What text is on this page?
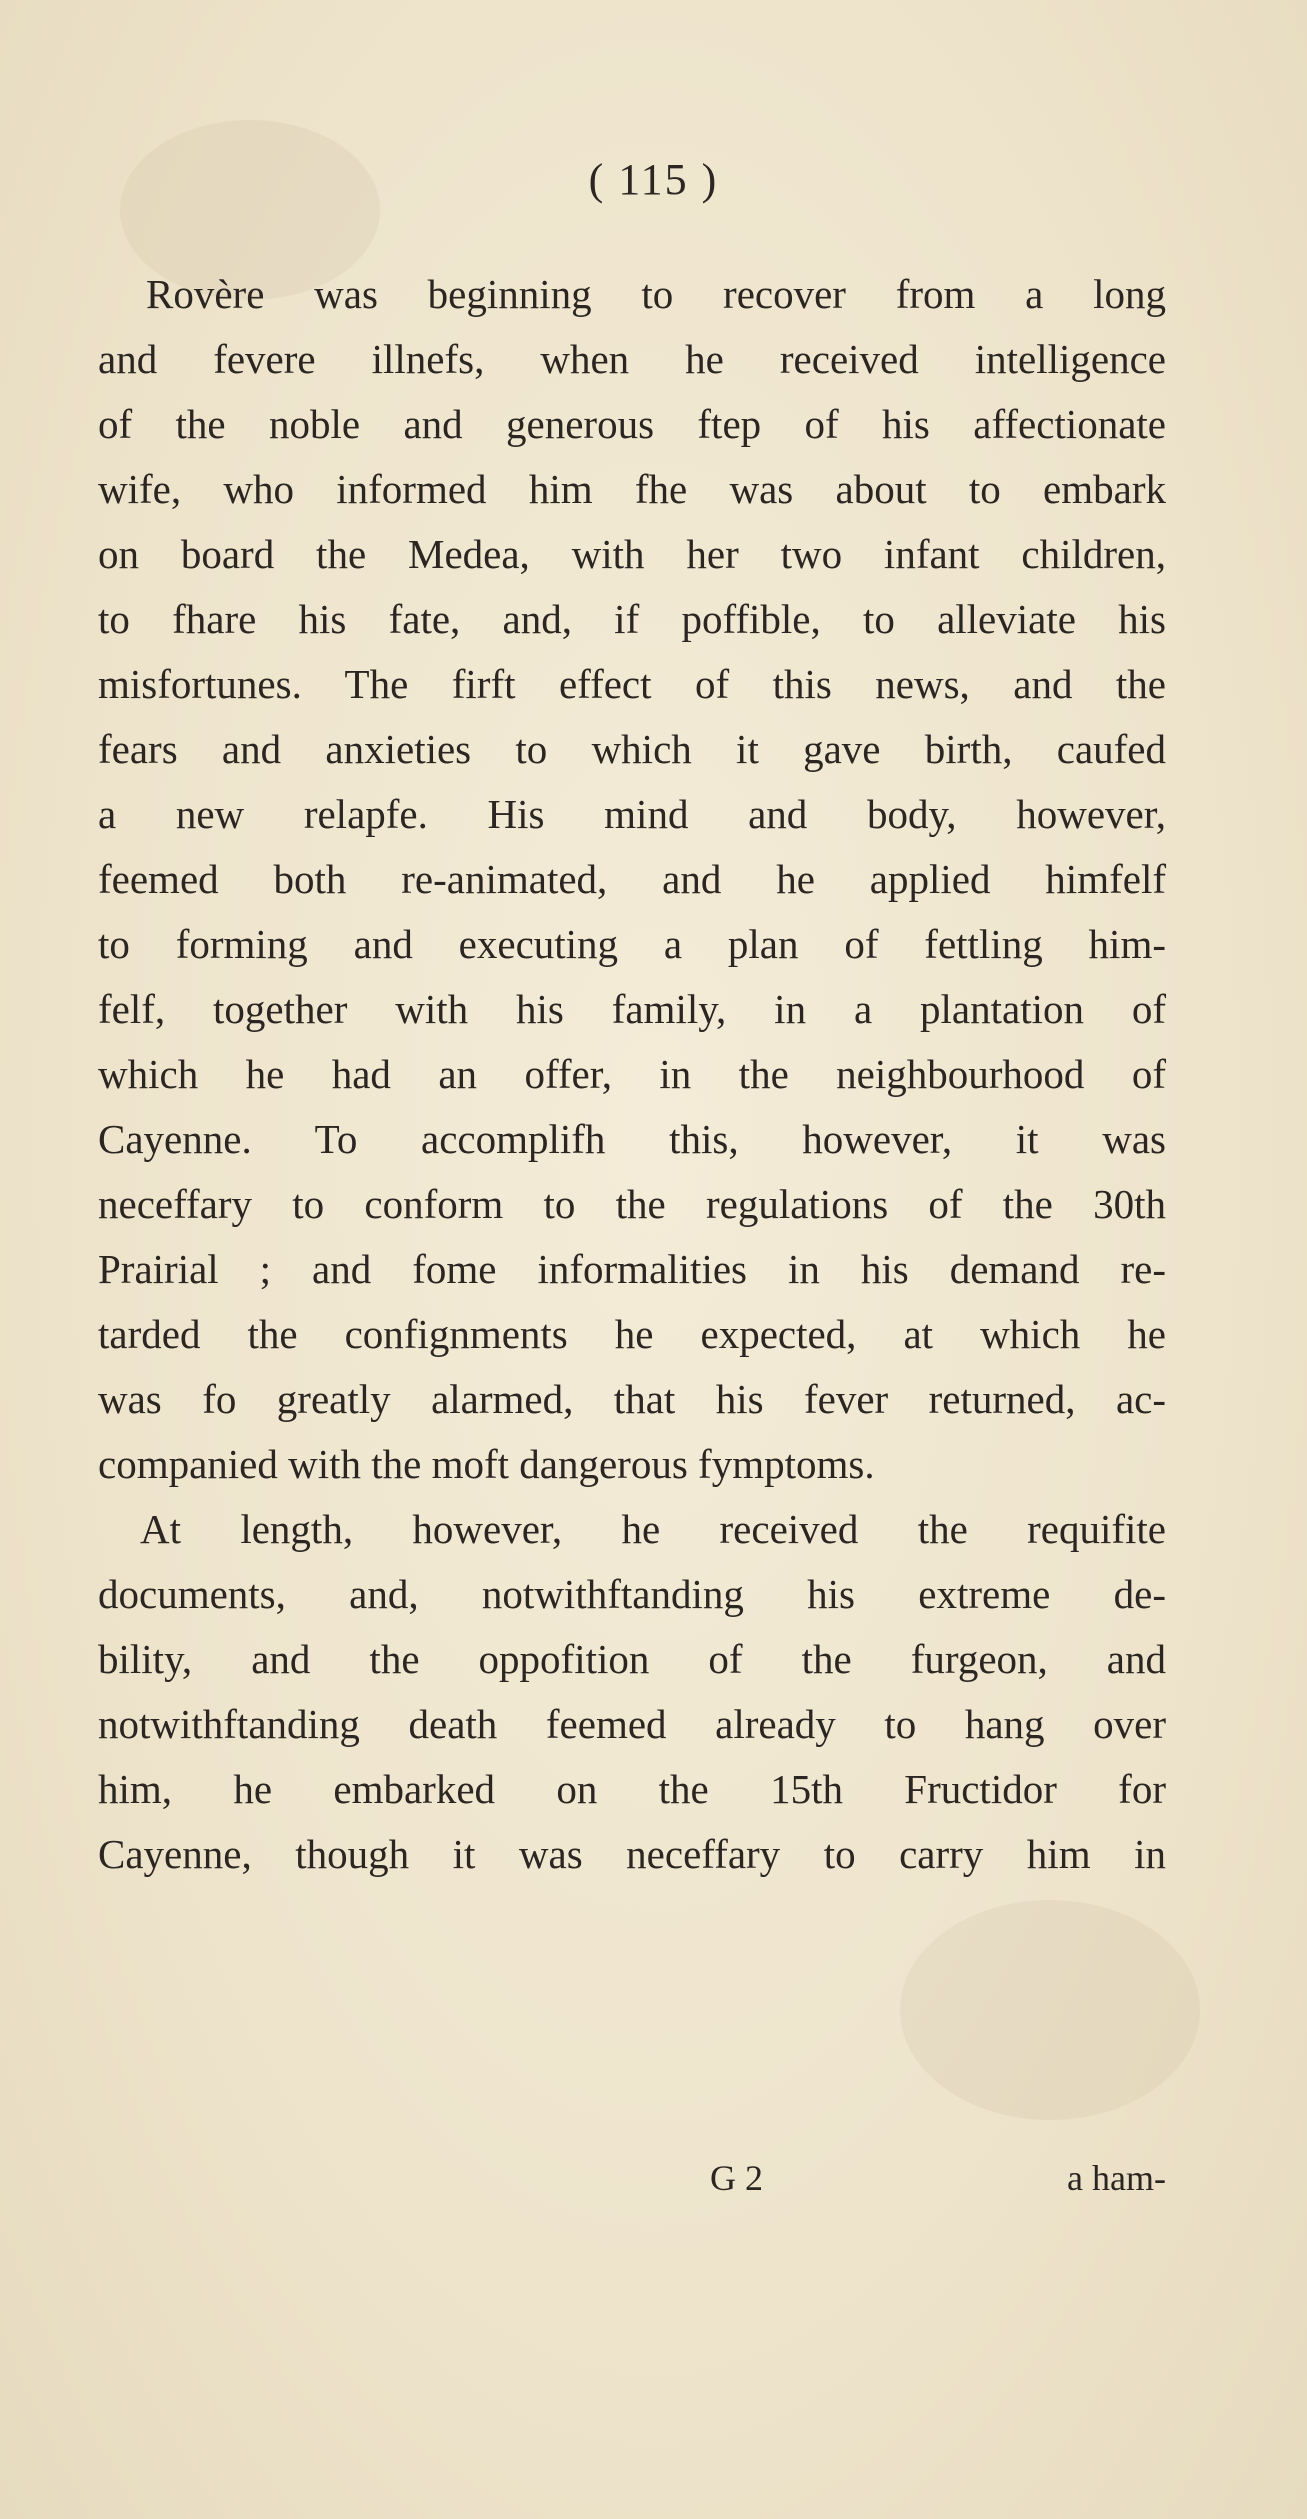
( 115 )
Rovère was beginning to recover from a long
and fevere illnefs, when he received intelligence
of the noble and generous ftep of his affectionate
wife, who informed him fhe was about to embark
on board the Medea, with her two infant children,
to fhare his fate, and, if poffible, to alleviate his
misfortunes. The firft effect of this news, and the
fears and anxieties to which it gave birth, caufed
a new relapfe. His mind and body, however,
feemed both re-animated, and he applied himfelf
to forming and executing a plan of fettling him-
felf, together with his family, in a plantation of
which he had an offer, in the neighbourhood of
Cayenne. To accomplifh this, however, it was
neceffary to conform to the regulations of the 30th
Prairial ; and fome informalities in his demand re-
tarded the confignments he expected, at which he
was fo greatly alarmed, that his fever returned, ac-
companied with the moft dangerous fymptoms.
At length, however, he received the requifite
documents, and, notwithftanding his extreme de-
bility, and the oppofition of the furgeon, and
notwithftanding death feemed already to hang over
him, he embarked on the 15th Fructidor for
Cayenne, though it was neceffary to carry him in
G 2	a ham-
